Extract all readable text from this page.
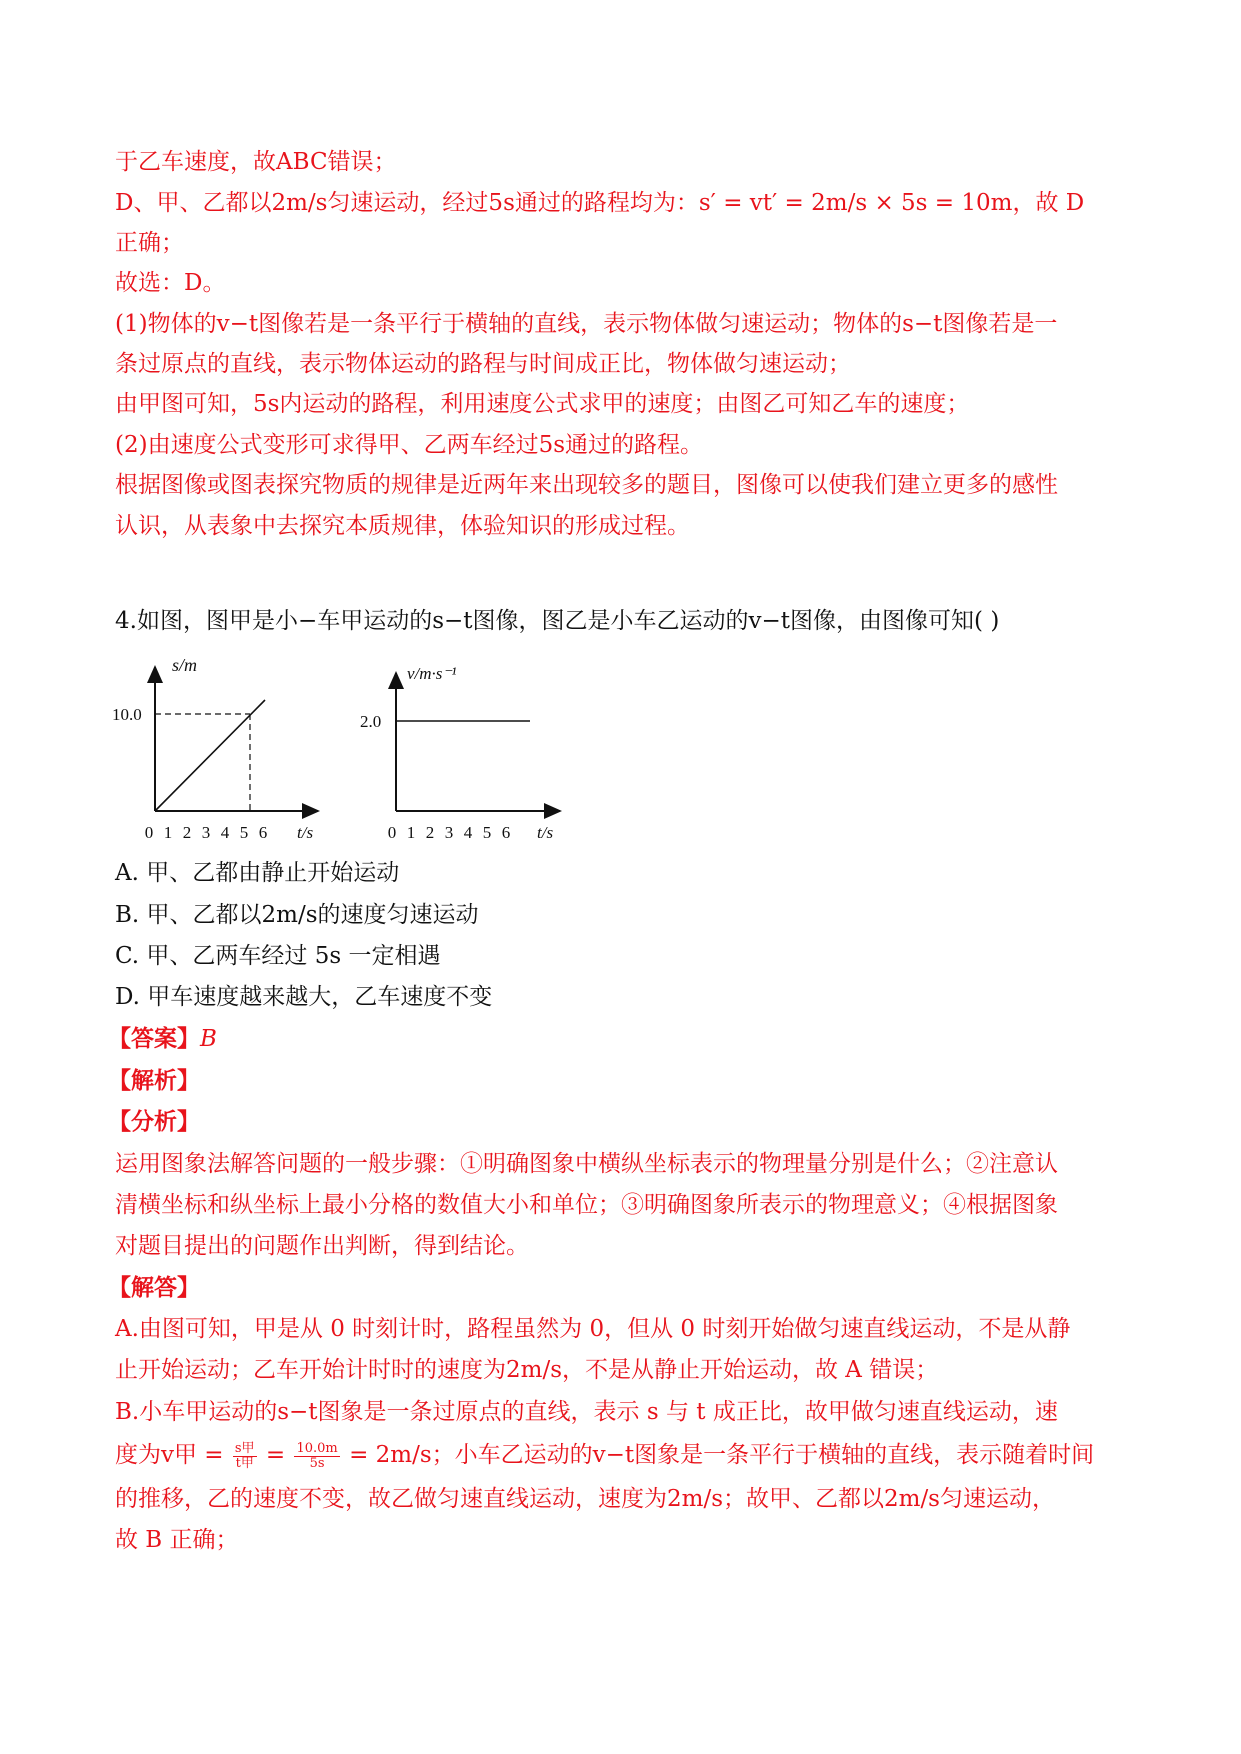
于乙车速度，故ABC错误；
D、甲、乙都以2m/s匀速运动，经过5s通过的路程均为：s′ = vt′ = 2m/s × 5s = 10m，故 D
正确；
故选：D。
(1)物体的v−t图像若是一条平行于横轴的直线，表示物体做匀速运动；物体的s−t图像若是一
条过原点的直线，表示物体运动的路程与时间成正比，物体做匀速运动；
由甲图可知，5s内运动的路程，利用速度公式求甲的速度；由图乙可知乙车的速度；
(2)由速度公式变形可求得甲、乙两车经过5s通过的路程。
根据图像或图表探究物质的规律是近两年来出现较多的题目，图像可以使我们建立更多的感性
认识，从表象中去探究本质规律，体验知识的形成过程。
4.如图，图甲是小−车甲运动的s−t图像，图乙是小车乙运动的v−t图像，由图像可知( )
s/m
10.0
0 1 2 3 4 5 6 t/s
v/m·s⁻¹
2.0
0 1 2 3 4 5 6 t/s
A. 甲、乙都由静止开始运动
B. 甲、乙都以2m/s的速度匀速运动
C. 甲、乙两车经过 5s 一定相遇
D. 甲车速度越来越大，乙车速度不变
【答案】B
【解析】
【分析】
运用图象法解答问题的一般步骤：①明确图象中横纵坐标表示的物理量分别是什么；②注意认
清横坐标和纵坐标上最小分格的数值大小和单位；③明确图象所表示的物理意义；④根据图象
对题目提出的问题作出判断，得到结论。
【解答】
A.由图可知，甲是从 0 时刻计时，路程虽然为 0，但从 0 时刻开始做匀速直线运动，不是从静
止开始运动；乙车开始计时时的速度为2m/s，不是从静止开始运动，故 A 错误；
B.小车甲运动的s−t图象是一条过原点的直线，表示 s 与 t 成正比，故甲做匀速直线运动，速
度为v甲 = $\frac{\text{s甲}}{\text{t甲}} = \frac{10.0m}{5s} = 2m/s$；小车乙运动的v−t图象是一条平行于横轴的直线，表示随着时间
的推移，乙的速度不变，故乙做匀速直线运动，速度为2m/s；故甲、乙都以2m/s匀速运动，
故 B 正确；
